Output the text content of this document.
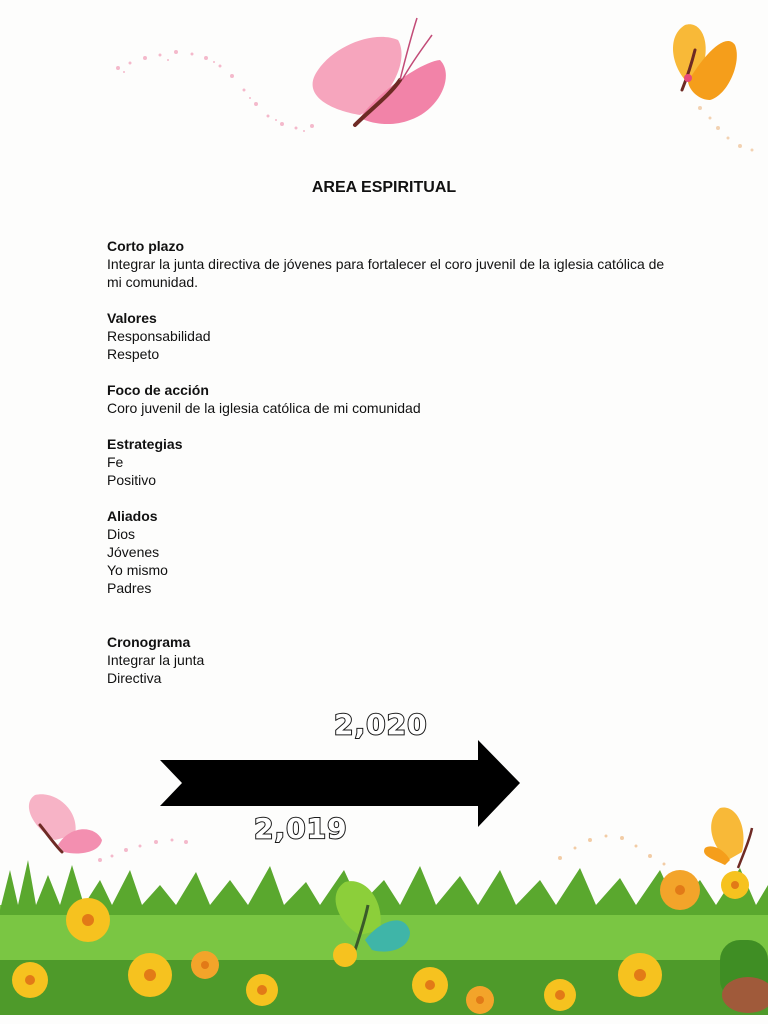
AREA ESPIRITUAL
Corto plazo
Integrar la junta directiva de jóvenes para fortalecer el coro juvenil de la iglesia católica de mi comunidad.
Valores
Responsabilidad
Respeto
Foco de acción
Coro juvenil de la iglesia católica de mi comunidad
Estrategias
Fe
Positivo
Aliados
Dios
Jóvenes
Yo mismo
Padres
Cronograma
Integrar la junta
Directiva
2,020
2,019
